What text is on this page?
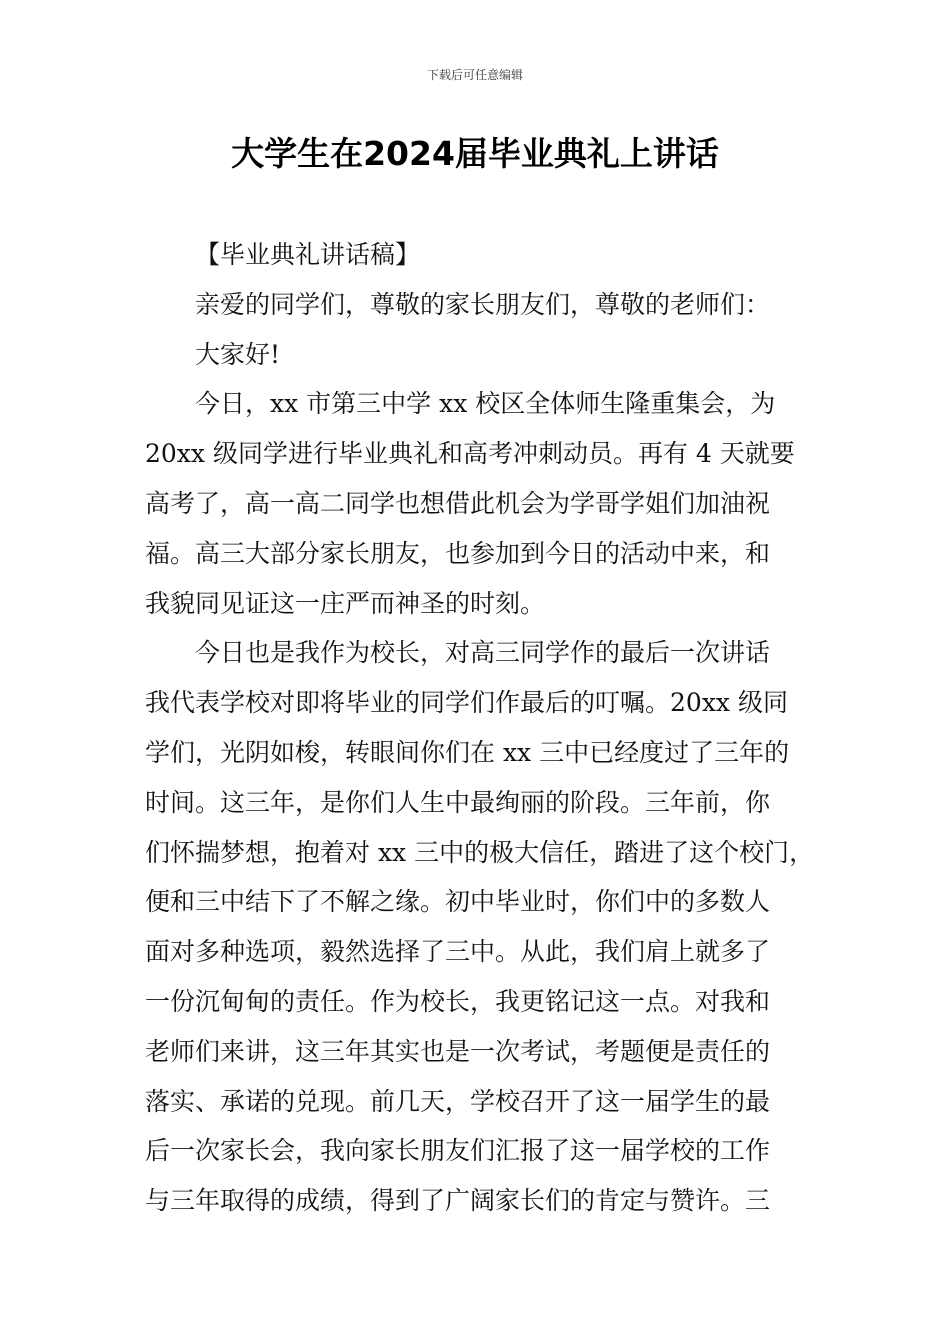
下载后可任意编辑
大学生在2024届毕业典礼上讲话
【毕业典礼讲话稿】
亲爱的同学们，尊敬的家长朋友们，尊敬的老师们：
大家好!
今日，xx 市第三中学 xx 校区全体师生隆重集会，为
20xx 级同学进行毕业典礼和高考冲刺动员。再有 4 天就要
高考了，高一高二同学也想借此机会为学哥学姐们加油祝
福。高三大部分家长朋友，也参加到今日的活动中来，和
我貌同见证这一庄严而神圣的时刻。
今日也是我作为校长，对高三同学作的最后一次讲话
我代表学校对即将毕业的同学们作最后的叮嘱。20xx 级同
学们，光阴如梭，转眼间你们在 xx 三中已经度过了三年的
时间。这三年，是你们人生中最绚丽的阶段。三年前，你
们怀揣梦想，抱着对 xx 三中的极大信任，踏进了这个校门，
便和三中结下了不解之缘。初中毕业时，你们中的多数人
面对多种选项，毅然选择了三中。从此，我们肩上就多了
一份沉甸甸的责任。作为校长，我更铭记这一点。对我和
老师们来讲，这三年其实也是一次考试，考题便是责任的
落实、承诺的兑现。前几天，学校召开了这一届学生的最
后一次家长会，我向家长朋友们汇报了这一届学校的工作
与三年取得的成绩，得到了广阔家长们的肯定与赞许。三
